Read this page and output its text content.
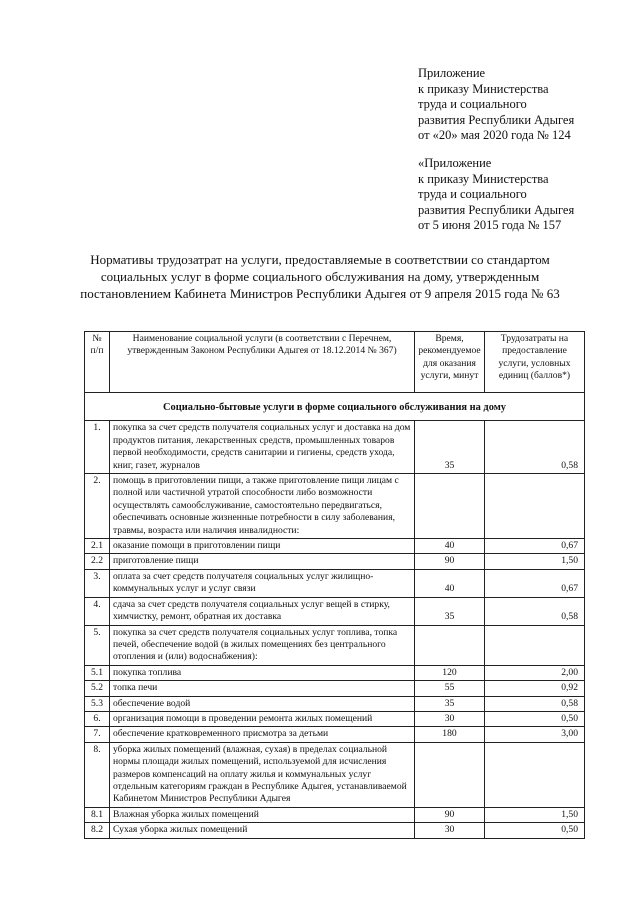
Приложение
к приказу Министерства
труда и социального
развития Республики Адыгея
от «20» мая 2020 года № 124
«Приложение
к приказу Министерства
труда и социального
развития Республики Адыгея
от 5 июня 2015 года № 157
Нормативы трудозатрат на услуги, предоставляемые в соответствии со стандартом
социальных услуг в форме социального обслуживания на дому, утвержденным
постановлением Кабинета Министров Республики Адыгея от 9 апреля 2015 года № 63
№ п/п	Наименование социальной услуги (в соответствии с Перечнем, утвержденным Законом Республики Адыгея от 18.12.2014 № 367)	Время, рекомендуемое для оказания услуги, минут	Трудозатраты на предоставление услуги, условных единиц (баллов*)
Социально-бытовые услуги в форме социального обслуживания на дому			
1.	покупка за счет средств получателя социальных услуг и доставка на дом продуктов питания, лекарственных средств, промышленных товаров первой необходимости, средств санитарии и гигиены, средств ухода, книг, газет, журналов	35	0,58
2.	помощь в приготовлении пищи, а также приготовление пищи лицам с полной или частичной утратой способности либо возможности осуществлять самообслуживание, самостоятельно передвигаться, обеспечивать основные жизненные потребности в силу заболевания, травмы, возраста или наличия инвалидности:		
2.1	оказание помощи в приготовлении пищи	40	0,67
2.2	приготовление пищи	90	1,50
3.	оплата за счет средств получателя социальных услуг жилищно-коммунальных услуг и услуг связи	40	0,67
4.	сдача за счет средств получателя социальных услуг вещей в стирку, химчистку, ремонт, обратная их доставка	35	0,58
5.	покупка за счет средств получателя социальных услуг топлива, топка печей, обеспечение водой (в жилых помещениях без центрального отопления и (или) водоснабжения):		
5.1	покупка топлива	120	2,00
5.2	топка печи	55	0,92
5.3	обеспечение водой	35	0,58
6.	организация помощи в проведении ремонта жилых помещений	30	0,50
7.	обеспечение кратковременного присмотра за детьми	180	3,00
8.	уборка жилых помещений (влажная, сухая) в пределах социальной нормы площади жилых помещений, используемой для исчисления размеров компенсаций на оплату жилья и коммунальных услуг отдельным категориям граждан в Республике Адыгея, устанавливаемой Кабинетом Министров Республики Адыгея		
8.1	Влажная уборка жилых помещений	90	1,50
8.2	Сухая уборка жилых помещений	30	0,50
